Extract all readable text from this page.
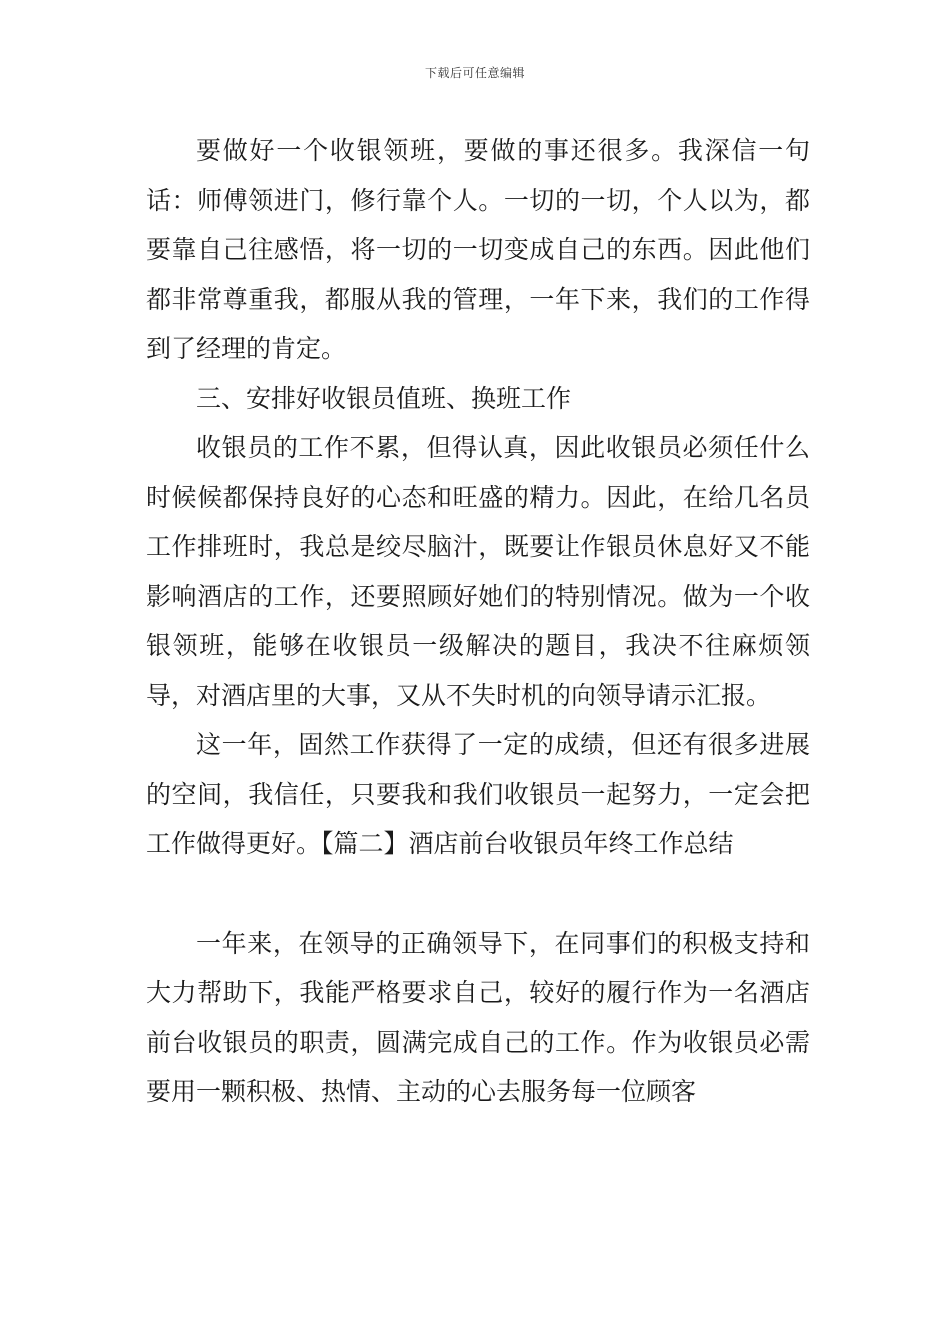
下载后可任意编辑

要做好一个收银领班，要做的事还很多。我深信一句话：师傅领进门，修行靠个人。一切的一切，个人以为，都要靠自己往感悟，将一切的一切变成自己的东西。因此他们都非常尊重我，都服从我的管理，一年下来，我们的工作得到了经理的肯定。

三、安排好收银员值班、换班工作

收银员的工作不累，但得认真，因此收银员必须任什么时候候都保持良好的心态和旺盛的精力。因此，在给几名员工作排班时，我总是绞尽脑汁，既要让作银员休息好又不能影响酒店的工作，还要照顾好她们的特别情况。做为一个收银领班，能够在收银员一级解决的题目，我决不往麻烦领导，对酒店里的大事，又从不失时机的向领导请示汇报。

这一年，固然工作获得了一定的成绩，但还有很多进展的空间，我信任，只要我和我们收银员一起努力，一定会把工作做得更好。【篇二】酒店前台收银员年终工作总结

一年来，在领导的正确领导下，在同事们的积极支持和大力帮助下，我能严格要求自己，较好的履行作为一名酒店前台收银员的职责，圆满完成自己的工作。作为收银员必需要用一颗积极、热情、主动的心去服务每一位顾客
